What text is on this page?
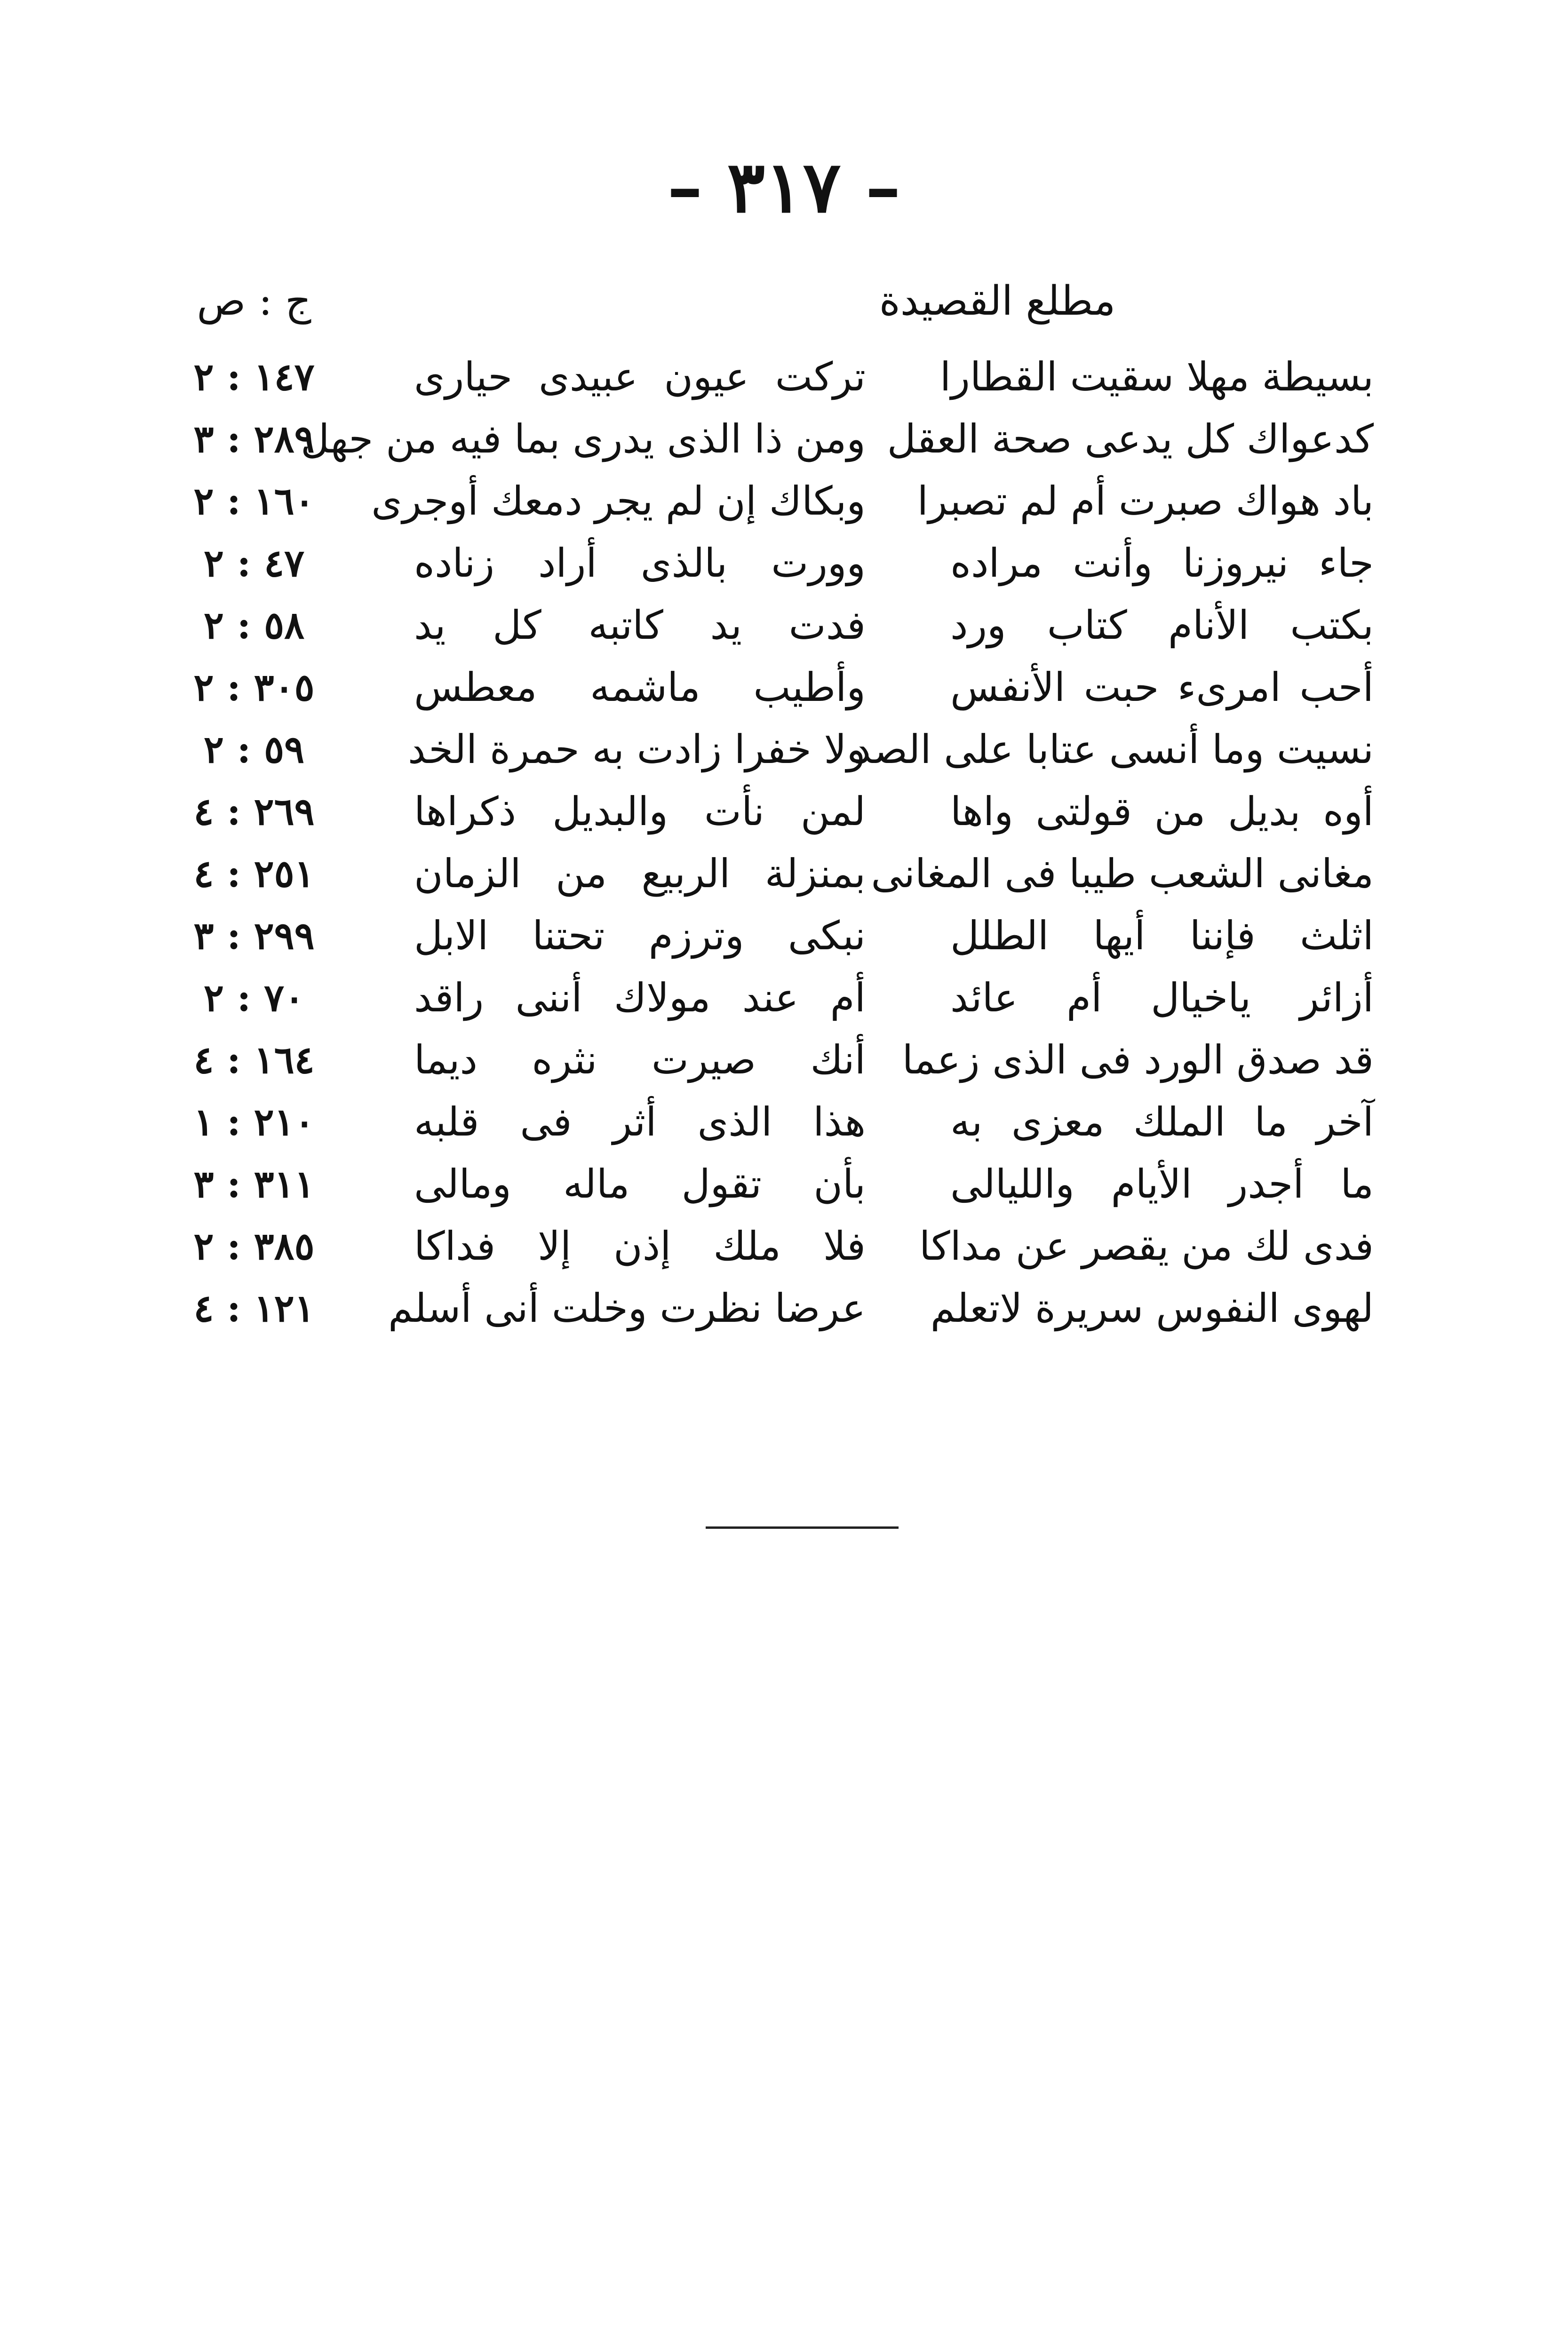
– ٣١٧ –
مطلع القصيدة
ج : ص
بسيطة مهلا سقيت القطارا
تركت عيون عبيدى حيارى
١٤٧ : ٢
كدعواك كل يدعى صحة العقل
ومن ذا الذى يدرى بما فيه من جهل
٢٨٩ : ٣
باد هواك صبرت أم لم تصبرا
وبكاك إن لم يجر دمعك أوجرى
١٦٠ : ٢
جاء نيروزنا وأنت مراده
وورت بالذى أراد زناده
٤٧ : ٢
بكتب الأنام كتاب ورد
فدت يد كاتبه كل يد
٥٨ : ٢
أحب امرىء حبت الأنفس
وأطيب ماشمه معطس
٣٠٥ : ٢
نسيت وما أنسى عتابا على الصد
ولا خفرا زادت به حمرة الخد
٥٩ : ٢
أوه بديل من قولتى واها
لمن نأت والبديل ذكراها
٢٦٩ : ٤
مغانى الشعب طيبا فى المغانى
بمنزلة الربيع من الزمان
٢٥١ : ٤
اثلث فإننا أيها الطلل
نبكى وترزم تحتنا الابل
٢٩٩ : ٣
أزائر ياخيال أم عائد
أم عند مولاك أننى راقد
٧٠ : ٢
قد صدق الورد فى الذى زعما
أنك صيرت نثره ديما
١٦٤ : ٤
آخر ما الملك معزى به
هذا الذى أثر فى قلبه
٢١٠ : ١
ما أجدر الأيام والليالى
بأن تقول ماله ومالى
٣١١ : ٣
فدى لك من يقصر عن مداكا
فلا ملك إذن إلا فداكا
٣٨٥ : ٢
لهوى النفوس سريرة لاتعلم
عرضا نظرت وخلت أنى أسلم
١٢١ : ٤
